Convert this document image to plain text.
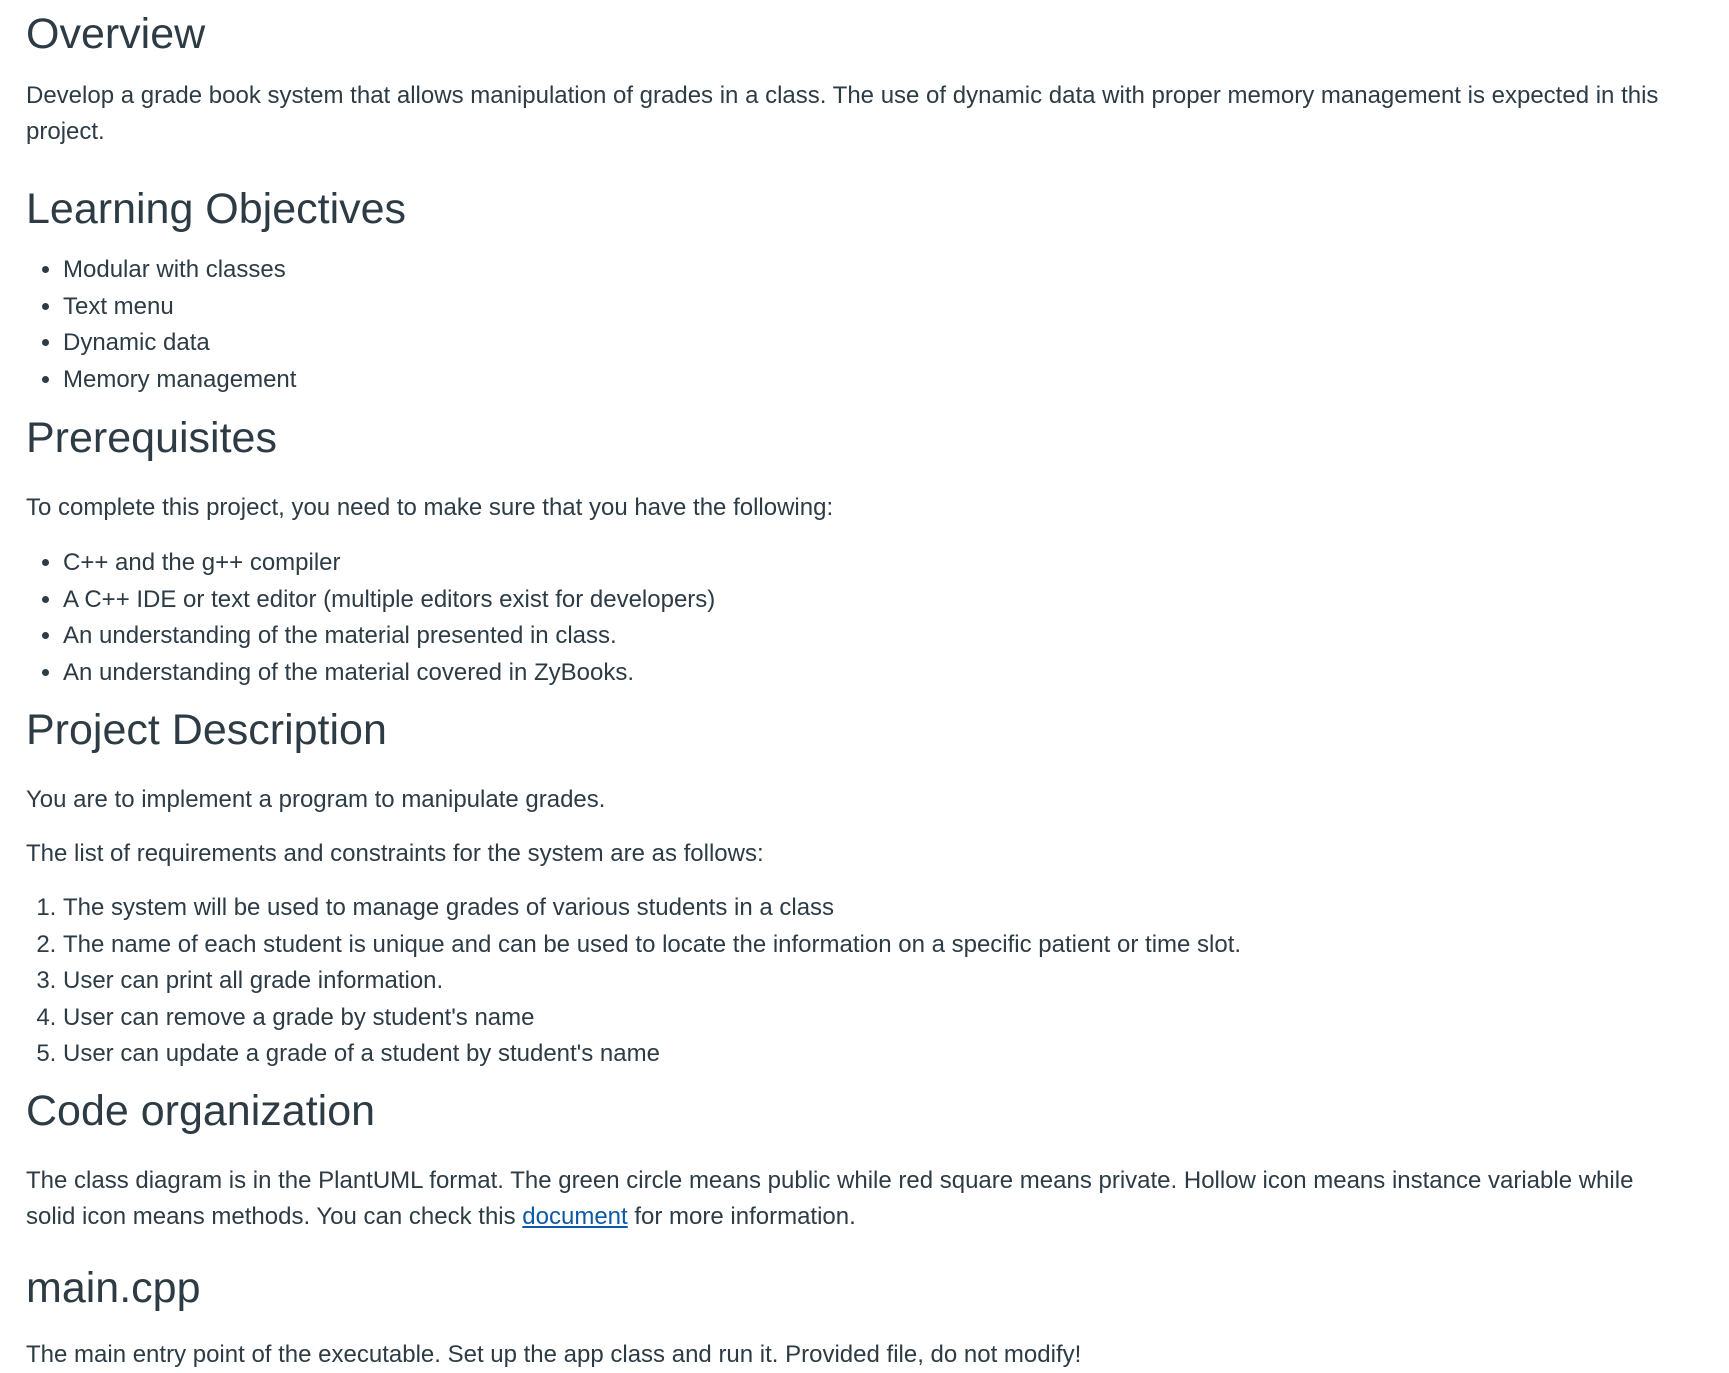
Overview

Develop a grade book system that allows manipulation of grades in a class. The use of dynamic data with proper memory management is expected in this project.

Learning Objectives
• Modular with classes
• Text menu
• Dynamic data
• Memory management
Prerequisites

To complete this project, you need to make sure that you have the following:

• C++ and the g++ compiler
• A C++ IDE or text editor (multiple editors exist for developers)
• An understanding of the material presented in class.
• An understanding of the material covered in ZyBooks.
Project Description

You are to implement a program to manipulate grades.

The list of requirements and constraints for the system are as follows:

1. The system will be used to manage grades of various students in a class
2. The name of each student is unique and can be used to locate the information on a specific patient or time slot.
3. User can print all grade information.
4. User can remove a grade by student's name
5. User can update a grade of a student by student's name
Code organization

The class diagram is in the PlantUML format. The green circle means public while red square means private. Hollow icon means instance variable while solid icon means methods. You can check this document for more information.

main.cpp

The main entry point of the executable. Set up the app class and run it. Provided file, do not modify!
